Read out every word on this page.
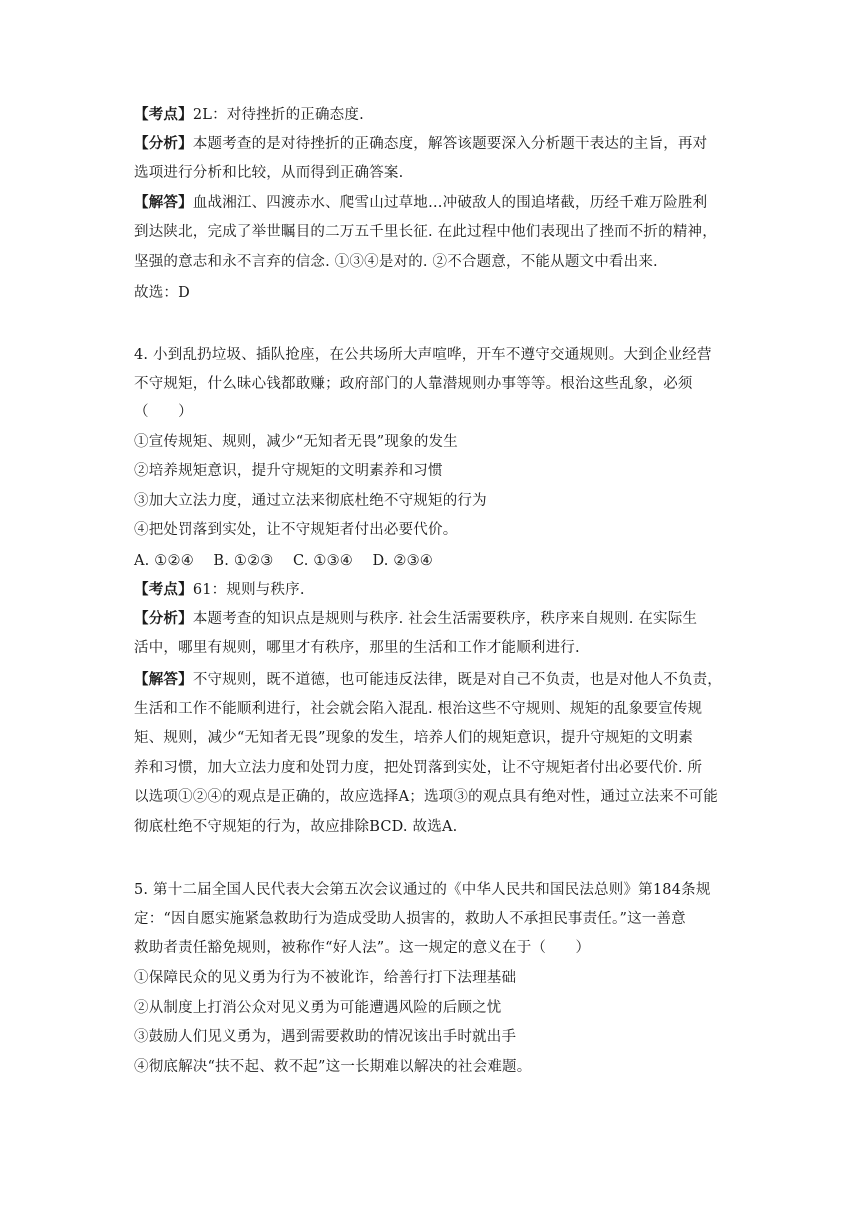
【考点】2L：对待挫折的正确态度.
【分析】本题考查的是对待挫折的正确态度，解答该题要深入分析题干表达的主旨，再对
选项进行分析和比较，从而得到正确答案.
【解答】血战湘江、四渡赤水、爬雪山过草地…冲破敌人的围追堵截，历经千难万险胜利
到达陕北，完成了举世瞩目的二万五千里长征. 在此过程中他们表现出了挫而不折的精神，
坚强的意志和永不言弃的信念. ①③④是对的. ②不合题意，不能从题文中看出来.
故选：D
4. 小到乱扔垃圾、插队抢座，在公共场所大声喧哗，开车不遵守交通规则。大到企业经营
不守规矩，什么昧心钱都敢赚；政府部门的人靠潜规则办事等等。根治这些乱象，必须
（　　）
①宣传规矩、规则，减少“无知者无畏”现象的发生
②培养规矩意识，提升守规矩的文明素养和习惯
③加大立法力度，通过立法来彻底杜绝不守规矩的行为
④把处罚落到实处，让不守规矩者付出必要代价。
A. ①②④　 B. ①②③　 C. ①③④　 D. ②③④
【考点】61：规则与秩序.
【分析】本题考查的知识点是规则与秩序. 社会生活需要秩序，秩序来自规则. 在实际生
活中，哪里有规则，哪里才有秩序，那里的生活和工作才能顺利进行.
【解答】不守规则，既不道德，也可能违反法律，既是对自己不负责，也是对他人不负责，
生活和工作不能顺利进行，社会就会陷入混乱. 根治这些不守规则、规矩的乱象要宣传规
矩、规则，减少“无知者无畏”现象的发生，培养人们的规矩意识，提升守规矩的文明素
养和习惯，加大立法力度和处罚力度，把处罚落到实处，让不守规矩者付出必要代价. 所
以选项①②④的观点是正确的，故应选择A；选项③的观点具有绝对性，通过立法来不可能
彻底杜绝不守规矩的行为，故应排除BCD. 故选A.
5. 第十二届全国人民代表大会第五次会议通过的《中华人民共和国民法总则》第184条规
定：“因自愿实施紧急救助行为造成受助人损害的，救助人不承担民事责任。”这一善意
救助者责任豁免规则，被称作“好人法”。这一规定的意义在于（　　）
①保障民众的见义勇为行为不被讹诈，给善行打下法理基础
②从制度上打消公众对见义勇为可能遭遇风险的后顾之忧
③鼓励人们见义勇为，遇到需要救助的情况该出手时就出手
④彻底解决“扶不起、救不起”这一长期难以解决的社会难题。
